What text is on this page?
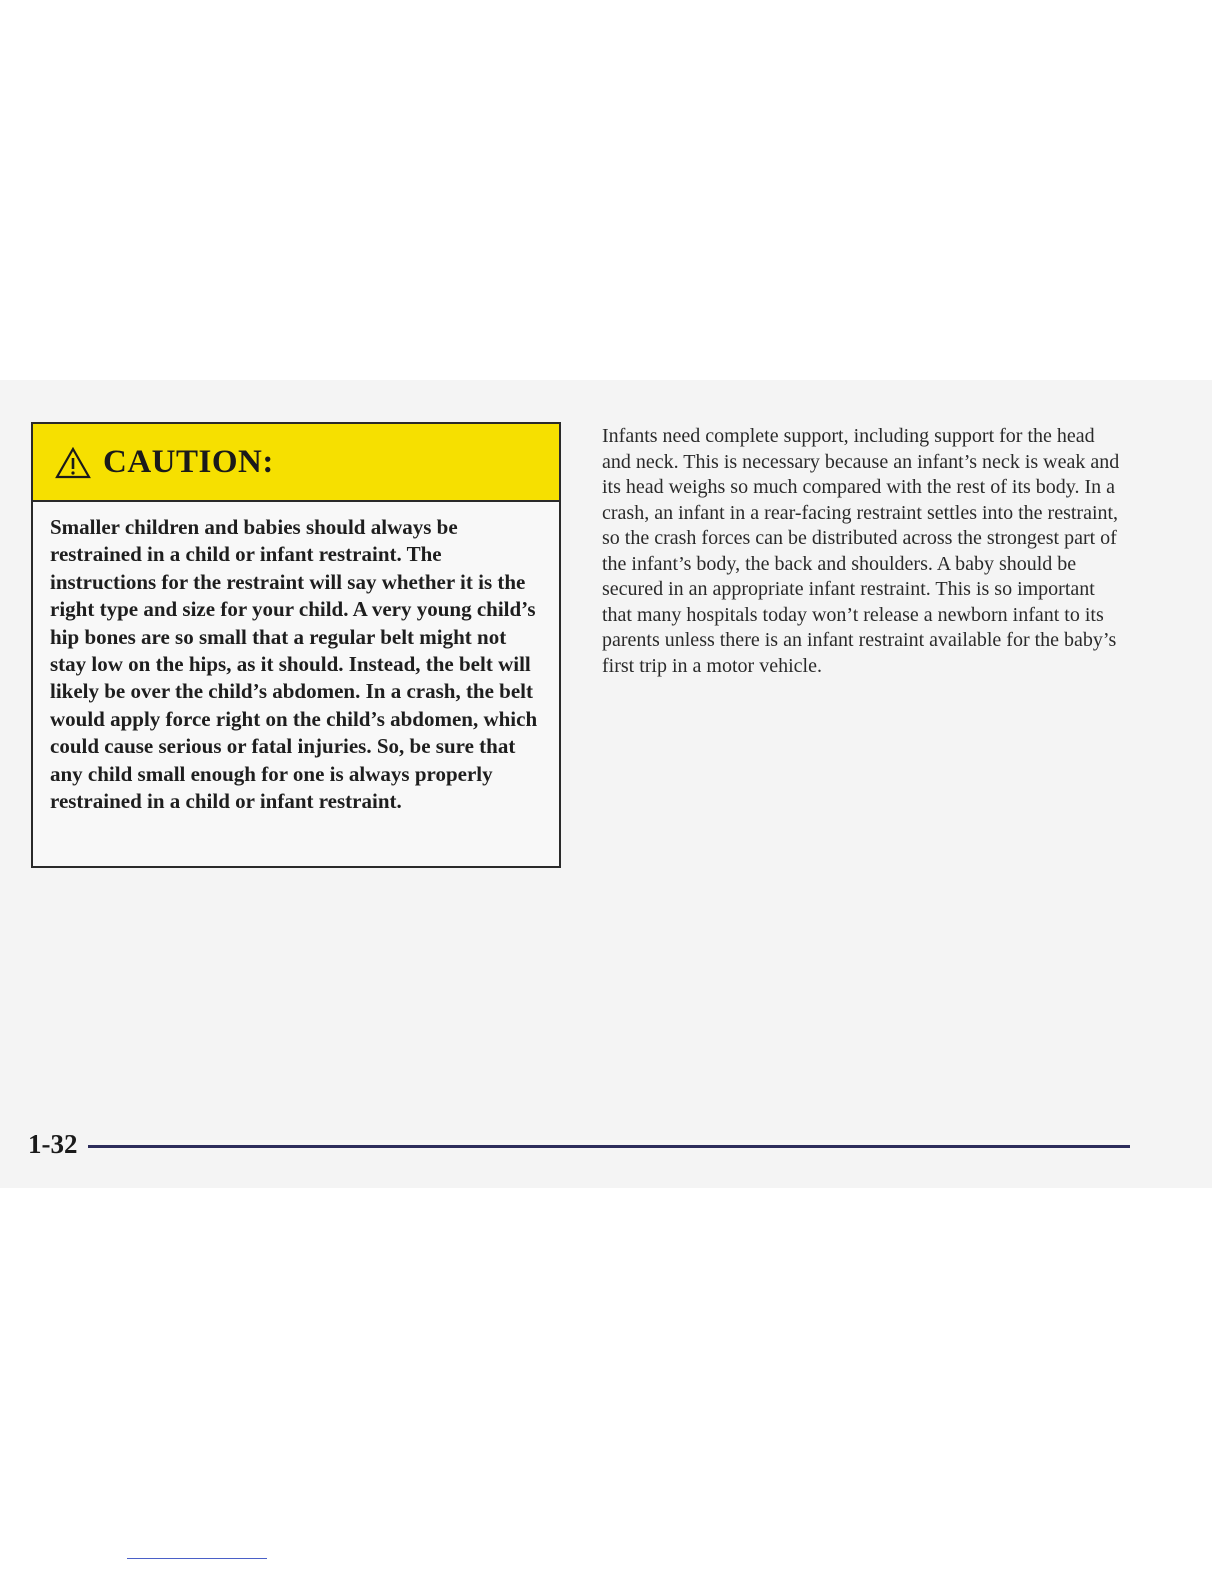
CAUTION:

Smaller children and babies should always be restrained in a child or infant restraint. The instructions for the restraint will say whether it is the right type and size for your child. A very young child’s hip bones are so small that a regular belt might not stay low on the hips, as it should. Instead, the belt will likely be over the child’s abdomen. In a crash, the belt would apply force right on the child’s abdomen, which could cause serious or fatal injuries. So, be sure that any child small enough for one is always properly restrained in a child or infant restraint.

Infants need complete support, including support for the head and neck. This is necessary because an infant’s neck is weak and its head weighs so much compared with the rest of its body. In a crash, an infant in a rear-facing restraint settles into the restraint, so the crash forces can be distributed across the strongest part of the infant’s body, the back and shoulders. A baby should be secured in an appropriate infant restraint. This is so important that many hospitals today won’t release a newborn infant to its parents unless there is an infant restraint available for the baby’s first trip in a motor vehicle.

1-32
